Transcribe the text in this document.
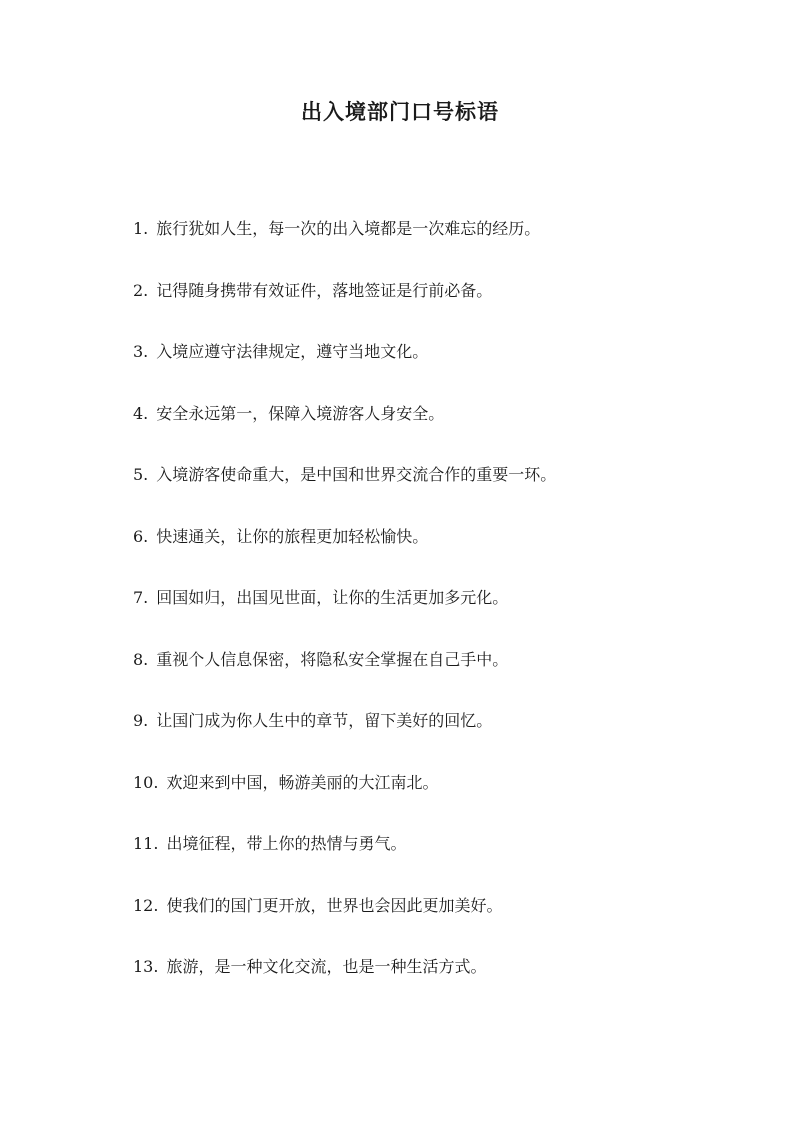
出入境部门口号标语
1. 旅行犹如人生，每一次的出入境都是一次难忘的经历。
2. 记得随身携带有效证件，落地签证是行前必备。
3. 入境应遵守法律规定，遵守当地文化。
4. 安全永远第一，保障入境游客人身安全。
5. 入境游客使命重大，是中国和世界交流合作的重要一环。
6. 快速通关，让你的旅程更加轻松愉快。
7. 回国如归，出国见世面，让你的生活更加多元化。
8. 重视个人信息保密，将隐私安全掌握在自己手中。
9. 让国门成为你人生中的章节，留下美好的回忆。
10. 欢迎来到中国，畅游美丽的大江南北。
11. 出境征程，带上你的热情与勇气。
12. 使我们的国门更开放，世界也会因此更加美好。
13. 旅游，是一种文化交流，也是一种生活方式。
